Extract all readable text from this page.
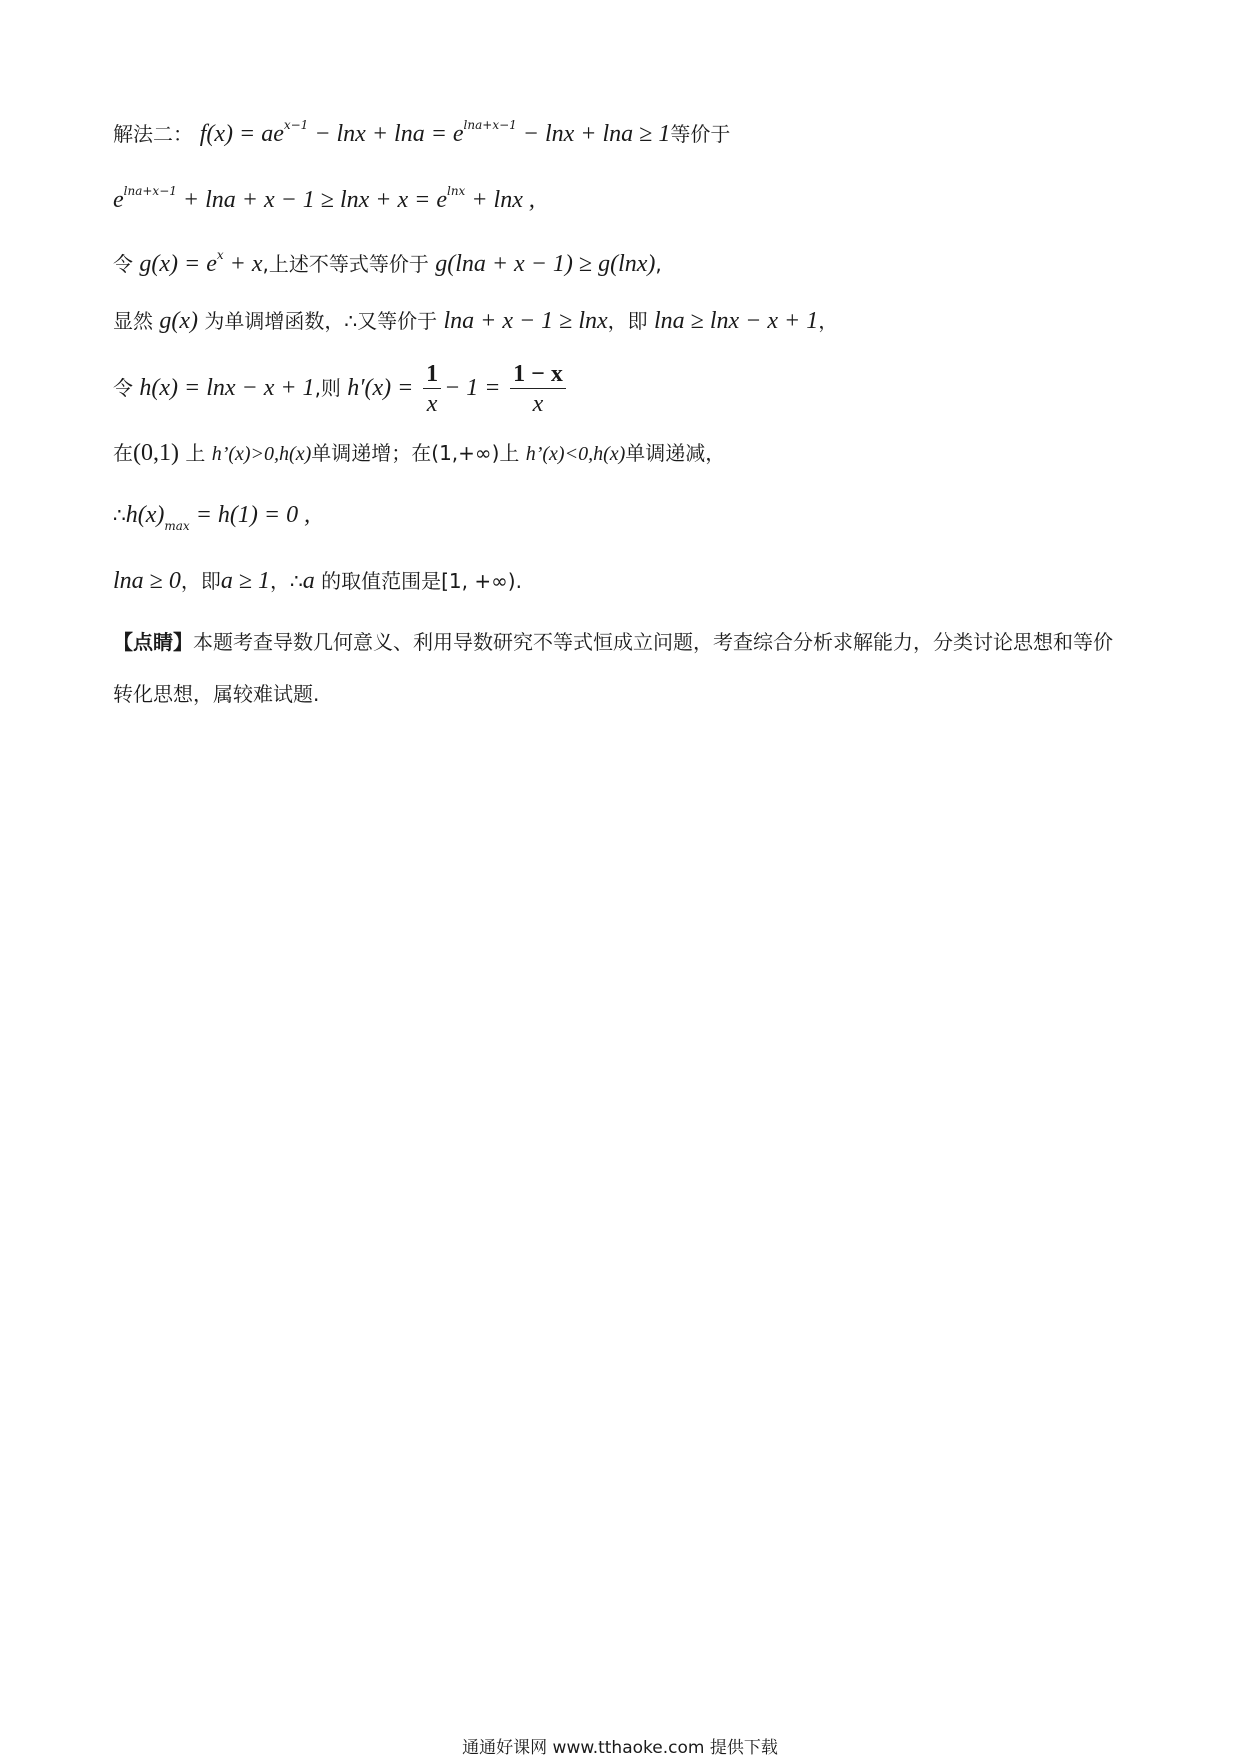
解法二： $f(x) = ae^{x-1} - \ln x + \ln a = e^{lna+x-1} - \ln x + \ln a \ge 1$等价于
$e^{lna+x-1} + \ln a + x - 1 \ge \ln x + x = e^{lnx} + \ln x$ ,
令 $g(x) = e^x + x$,上述不等式等价于 g(lna + x − 1) ≥ g(lnx),
显然 g(x) 为单调增函数，∴又等价于 lna + x − 1 ≥ lnx，即 lna ≥ lnx − x + 1，
令 h(x) = lnx − x + 1,则 $h'(x) = \frac{1}{x} - 1 = \frac{1 - x}{x}$
在(0,1) 上 h’(x)>0,h(x)单调递增；在(1,+∞)上 h’(x)<0,h(x)单调递减，
$\therefore h(x)_{max} = h(1) = 0$ ,
lna ≥ 0，即a ≥ 1，∴a 的取值范围是[1, +∞).
【点睛】本题考查导数几何意义、利用导数研究不等式恒成立问题，考查综合分析求解能力，分类讨论思想和等价转化思想，属较难试题.
通通好课网 www.tthaoke.com 提供下载
